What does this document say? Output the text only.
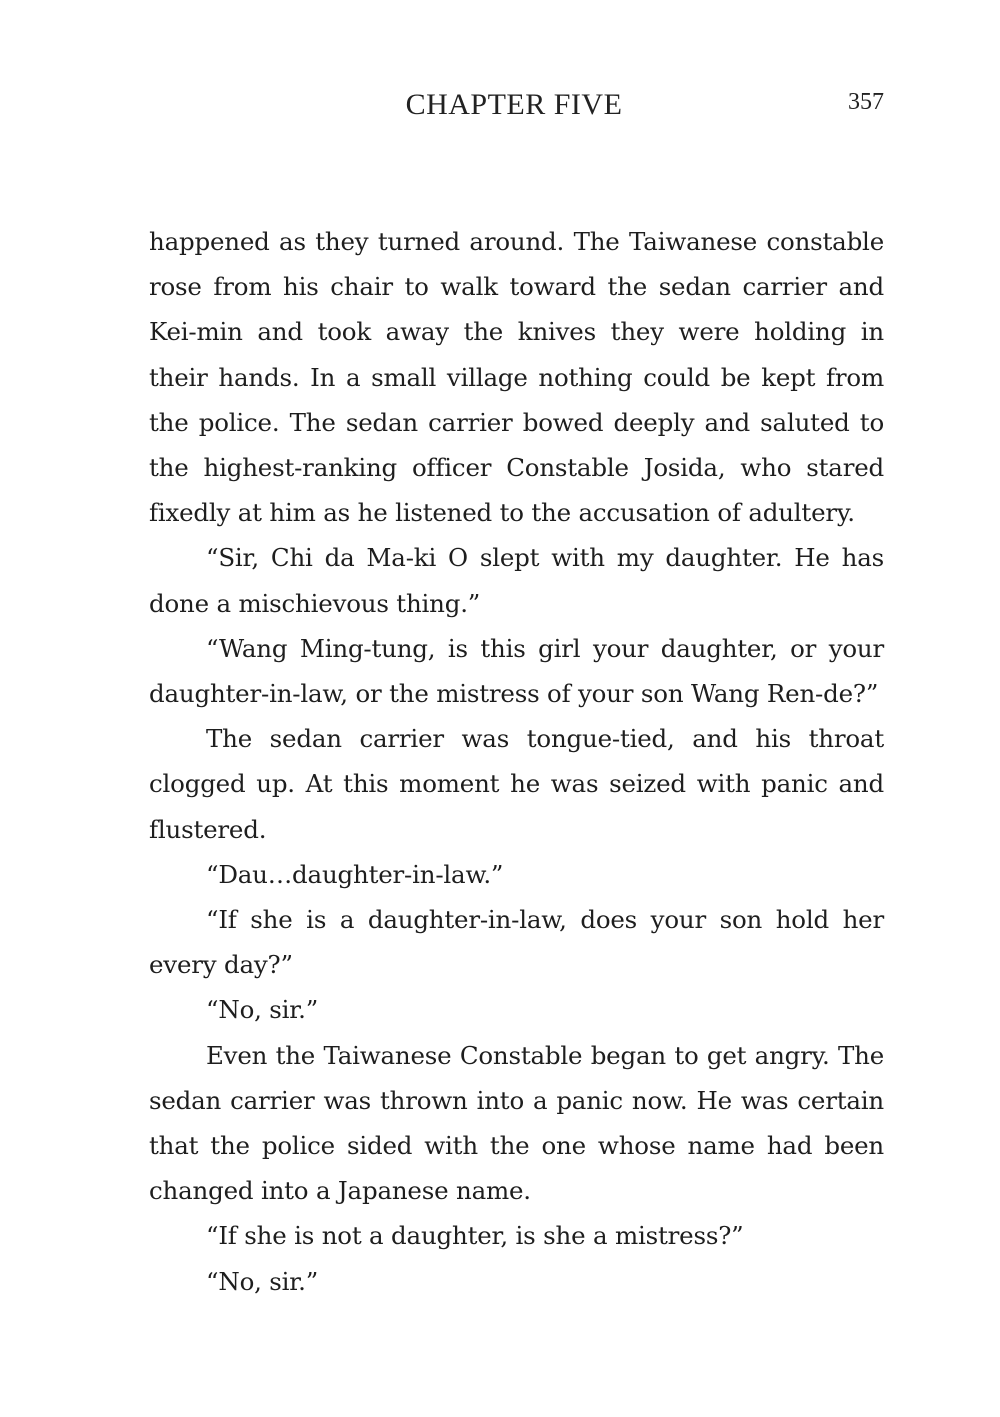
CHAPTER FIVE	357

happened as they turned around. The Taiwanese constable rose from his chair to walk toward the sedan carrier and Kei-min and took away the knives they were holding in their hands. In a small village nothing could be kept from the police. The sedan carrier bowed deeply and saluted to the highest-ranking officer Constable Josida, who stared fixedly at him as he listened to the accusation of adultery.

“Sir, Chi da Ma-ki O slept with my daughter. He has done a mischievous thing.”

“Wang Ming-tung, is this girl your daughter, or your daughter-in-law, or the mistress of your son Wang Ren-de?”

The sedan carrier was tongue-tied, and his throat clogged up. At this moment he was seized with panic and flustered.

“Dau…daughter-in-law.”

“If she is a daughter-in-law, does your son hold her every day?”

“No, sir.”

Even the Taiwanese Constable began to get angry. The sedan carrier was thrown into a panic now. He was certain that the police sided with the one whose name had been changed into a Japanese name.

“If she is not a daughter, is she a mistress?”

“No, sir.”
